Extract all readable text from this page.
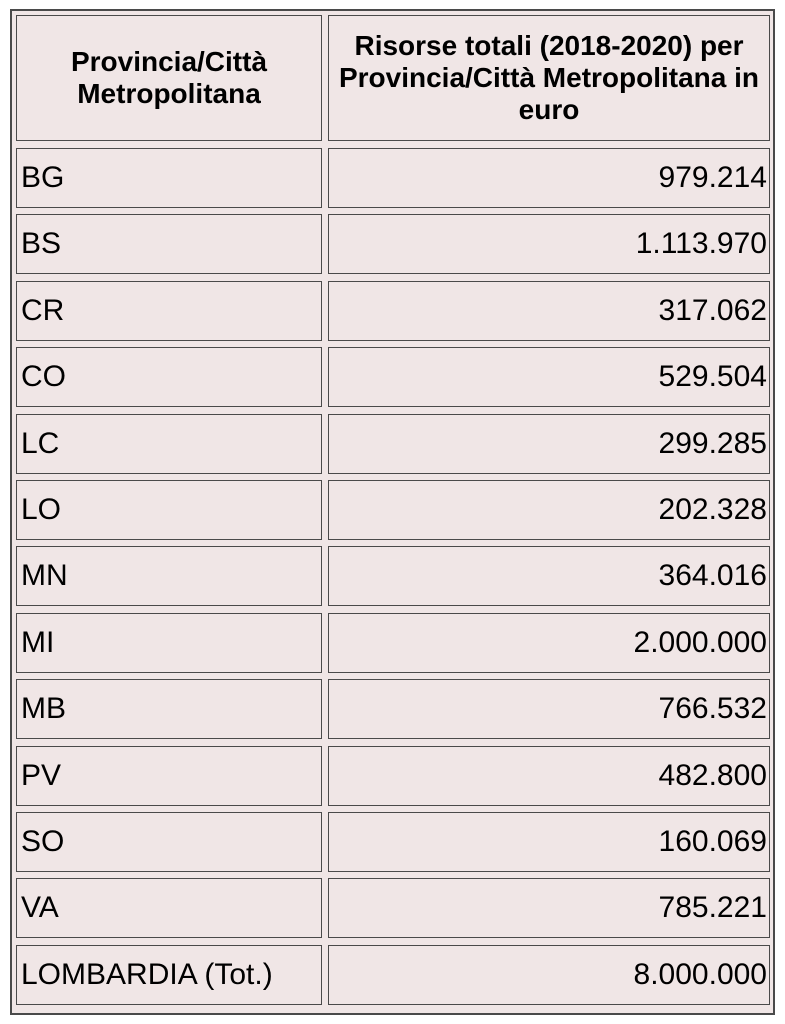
Provincia/Città Metropolitana
Risorse totali (2018-2020) per Provincia/Città Metropolitana in euro
BG	979.214
BS	1.113.970
CR	317.062
CO	529.504
LC	299.285
LO	202.328
MN	364.016
MI	2.000.000
MB	766.532
PV	482.800
SO	160.069
VA	785.221
LOMBARDIA (Tot.)	8.000.000
